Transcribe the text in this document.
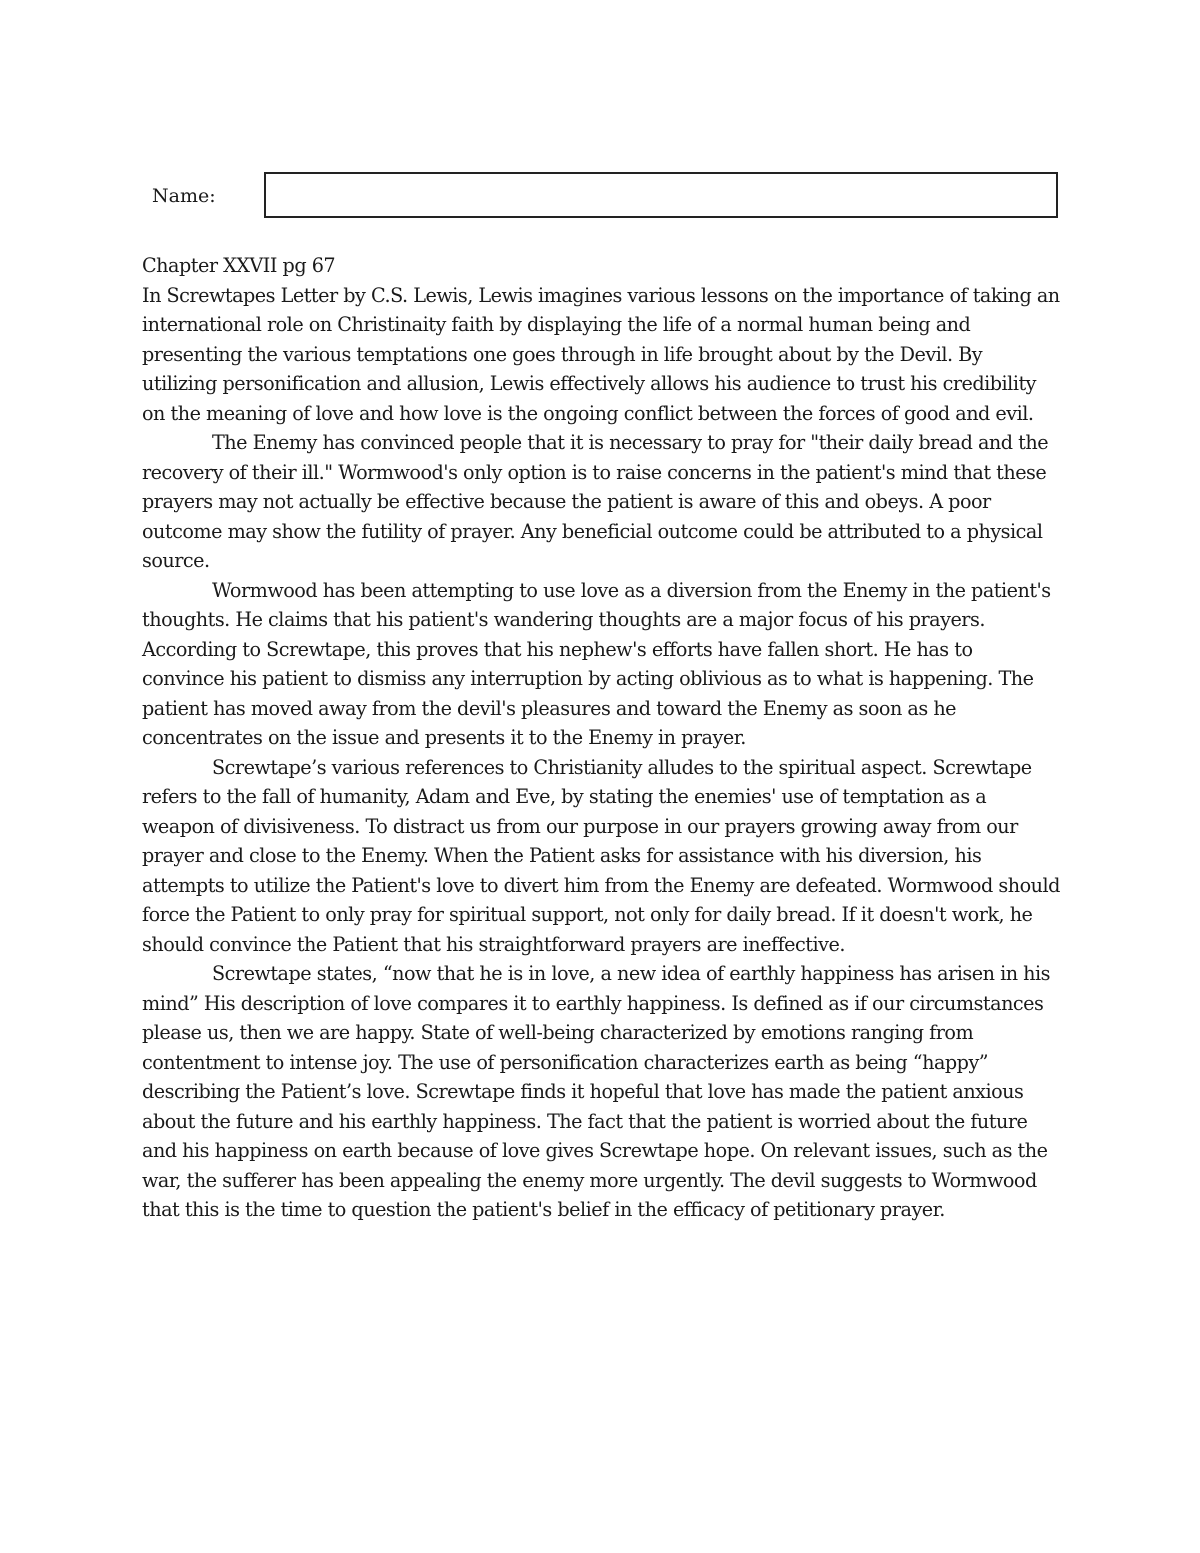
Name:

Chapter XXVII pg 67

In Screwtapes Letter by C.S. Lewis, Lewis imagines various lessons on the importance of taking an international role on Christinaity faith by displaying the life of a normal human being and presenting the various temptations one goes through in life brought about by the Devil. By utilizing personification and allusion, Lewis effectively allows his audience to trust his credibility on the meaning of love and how love is the ongoing conflict between the forces of good and evil.

The Enemy has convinced people that it is necessary to pray for "their daily bread and the recovery of their ill." Wormwood's only option is to raise concerns in the patient's mind that these prayers may not actually be effective because the patient is aware of this and obeys. A poor outcome may show the futility of prayer. Any beneficial outcome could be attributed to a physical source.

Wormwood has been attempting to use love as a diversion from the Enemy in the patient's thoughts. He claims that his patient's wandering thoughts are a major focus of his prayers. According to Screwtape, this proves that his nephew's efforts have fallen short. He has to convince his patient to dismiss any interruption by acting oblivious as to what is happening. The patient has moved away from the devil's pleasures and toward the Enemy as soon as he concentrates on the issue and presents it to the Enemy in prayer.

Screwtape’s various references to Christianity alludes to the spiritual aspect. Screwtape refers to the fall of humanity, Adam and Eve, by stating the enemies' use of temptation as a weapon of divisiveness. To distract us from our purpose in our prayers growing away from our prayer and close to the Enemy. When the Patient asks for assistance with his diversion, his attempts to utilize the Patient's love to divert him from the Enemy are defeated. Wormwood should force the Patient to only pray for spiritual support, not only for daily bread. If it doesn't work, he should convince the Patient that his straightforward prayers are ineffective.

Screwtape states, “now that he is in love, a new idea of earthly happiness has arisen in his mind” His description of love compares it to earthly happiness. Is defined as if our circumstances please us, then we are happy. State of well-being characterized by emotions ranging from contentment to intense joy. The use of personification characterizes earth as being “happy” describing the Patient’s love. Screwtape finds it hopeful that love has made the patient anxious about the future and his earthly happiness. The fact that the patient is worried about the future and his happiness on earth because of love gives Screwtape hope. On relevant issues, such as the war, the sufferer has been appealing the enemy more urgently. The devil suggests to Wormwood that this is the time to question the patient's belief in the efficacy of petitionary prayer.
